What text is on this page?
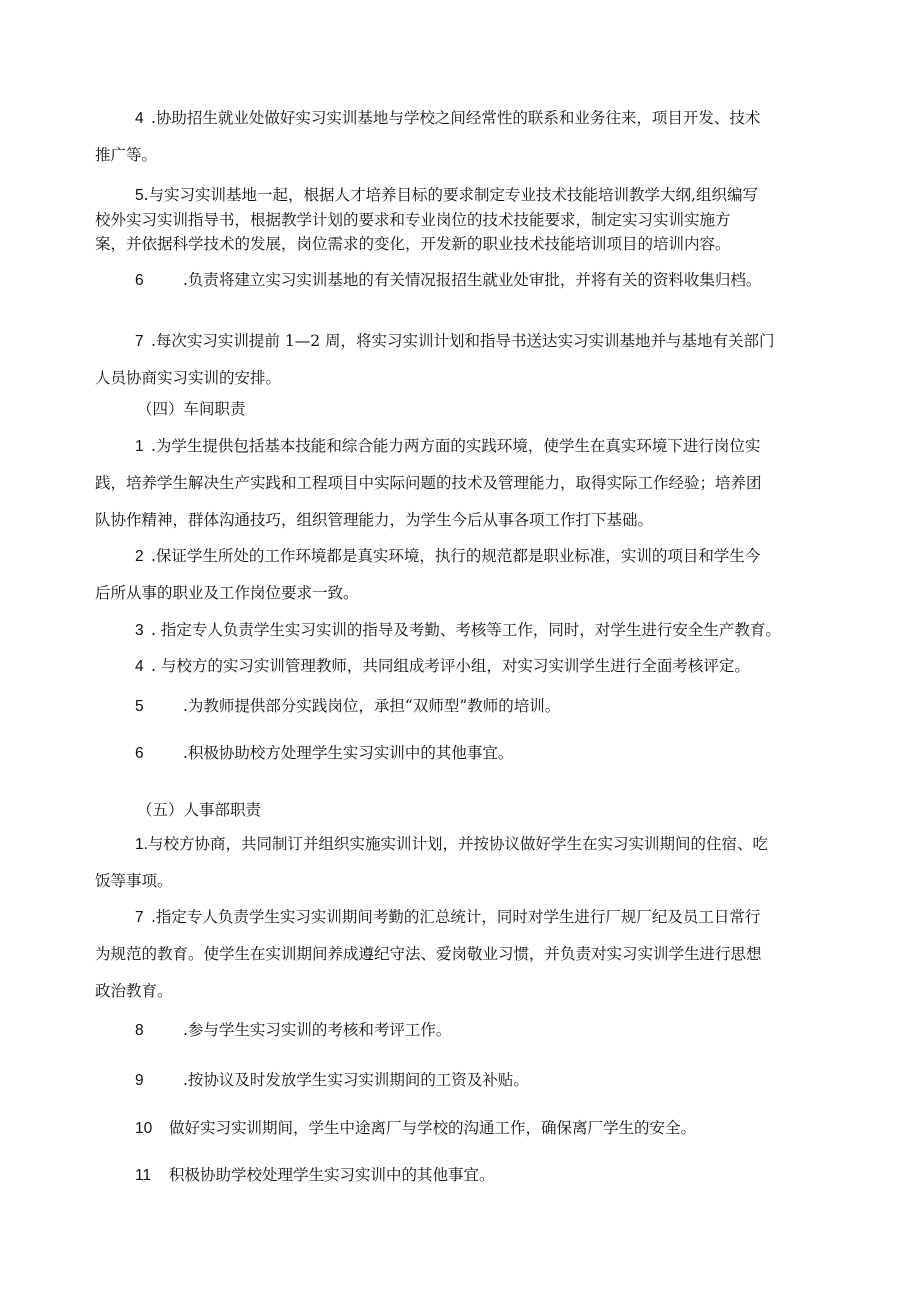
4 .协助招生就业处做好实习实训基地与学校之间经常性的联系和业务往来，项目开发、技术
推广等。
5.与实习实训基地一起，根据人才培养目标的要求制定专业技术技能培训教学大纲,组织编写
校外实习实训指导书，根据教学计划的要求和专业岗位的技术技能要求，制定实习实训实施方
案，并依据科学技术的发展，岗位需求的变化，开发新的职业技术技能培训项目的培训内容。
6	.负责将建立实习实训基地的有关情况报招生就业处审批，并将有关的资料收集归档。
7 .每次实习实训提前 1—2 周，将实习实训计划和指导书送达实习实训基地并与基地有关部门
人员协商实习实训的安排。
（四）车间职责
1 .为学生提供包括基本技能和综合能力两方面的实践环境，使学生在真实环境下进行岗位实
践，培养学生解决生产实践和工程项目中实际问题的技术及管理能力，取得实际工作经验；培养团
队协作精神，群体沟通技巧，组织管理能力，为学生今后从事各项工作打下基础。
2 .保证学生所处的工作环境都是真实环境，执行的规范都是职业标准，实训的项目和学生今
后所从事的职业及工作岗位要求一致。
3 . 指定专人负责学生实习实训的指导及考勤、考核等工作，同时，对学生进行安全生产教育。
4 . 与校方的实习实训管理教师，共同组成考评小组，对实习实训学生进行全面考核评定。
5	.为教师提供部分实践岗位，承担“双师型”教师的培训。
6	.积极协助校方处理学生实习实训中的其他事宜。
（五）人事部职责
1.与校方协商，共同制订并组织实施实训计划，并按协议做好学生在实习实训期间的住宿、吃
饭等事项。
7 .指定专人负责学生实习实训期间考勤的汇总统计，同时对学生进行厂规厂纪及员工日常行
为规范的教育。使学生在实训期间养成遵纪守法、爱岗敬业习惯，并负责对实习实训学生进行思想
政治教育。
8	.参与学生实习实训的考核和考评工作。
9	.按协议及时发放学生实习实训期间的工资及补贴。
10 做好实习实训期间，学生中途离厂与学校的沟通工作，确保离厂学生的安全。
11 积极协助学校处理学生实习实训中的其他事宜。
